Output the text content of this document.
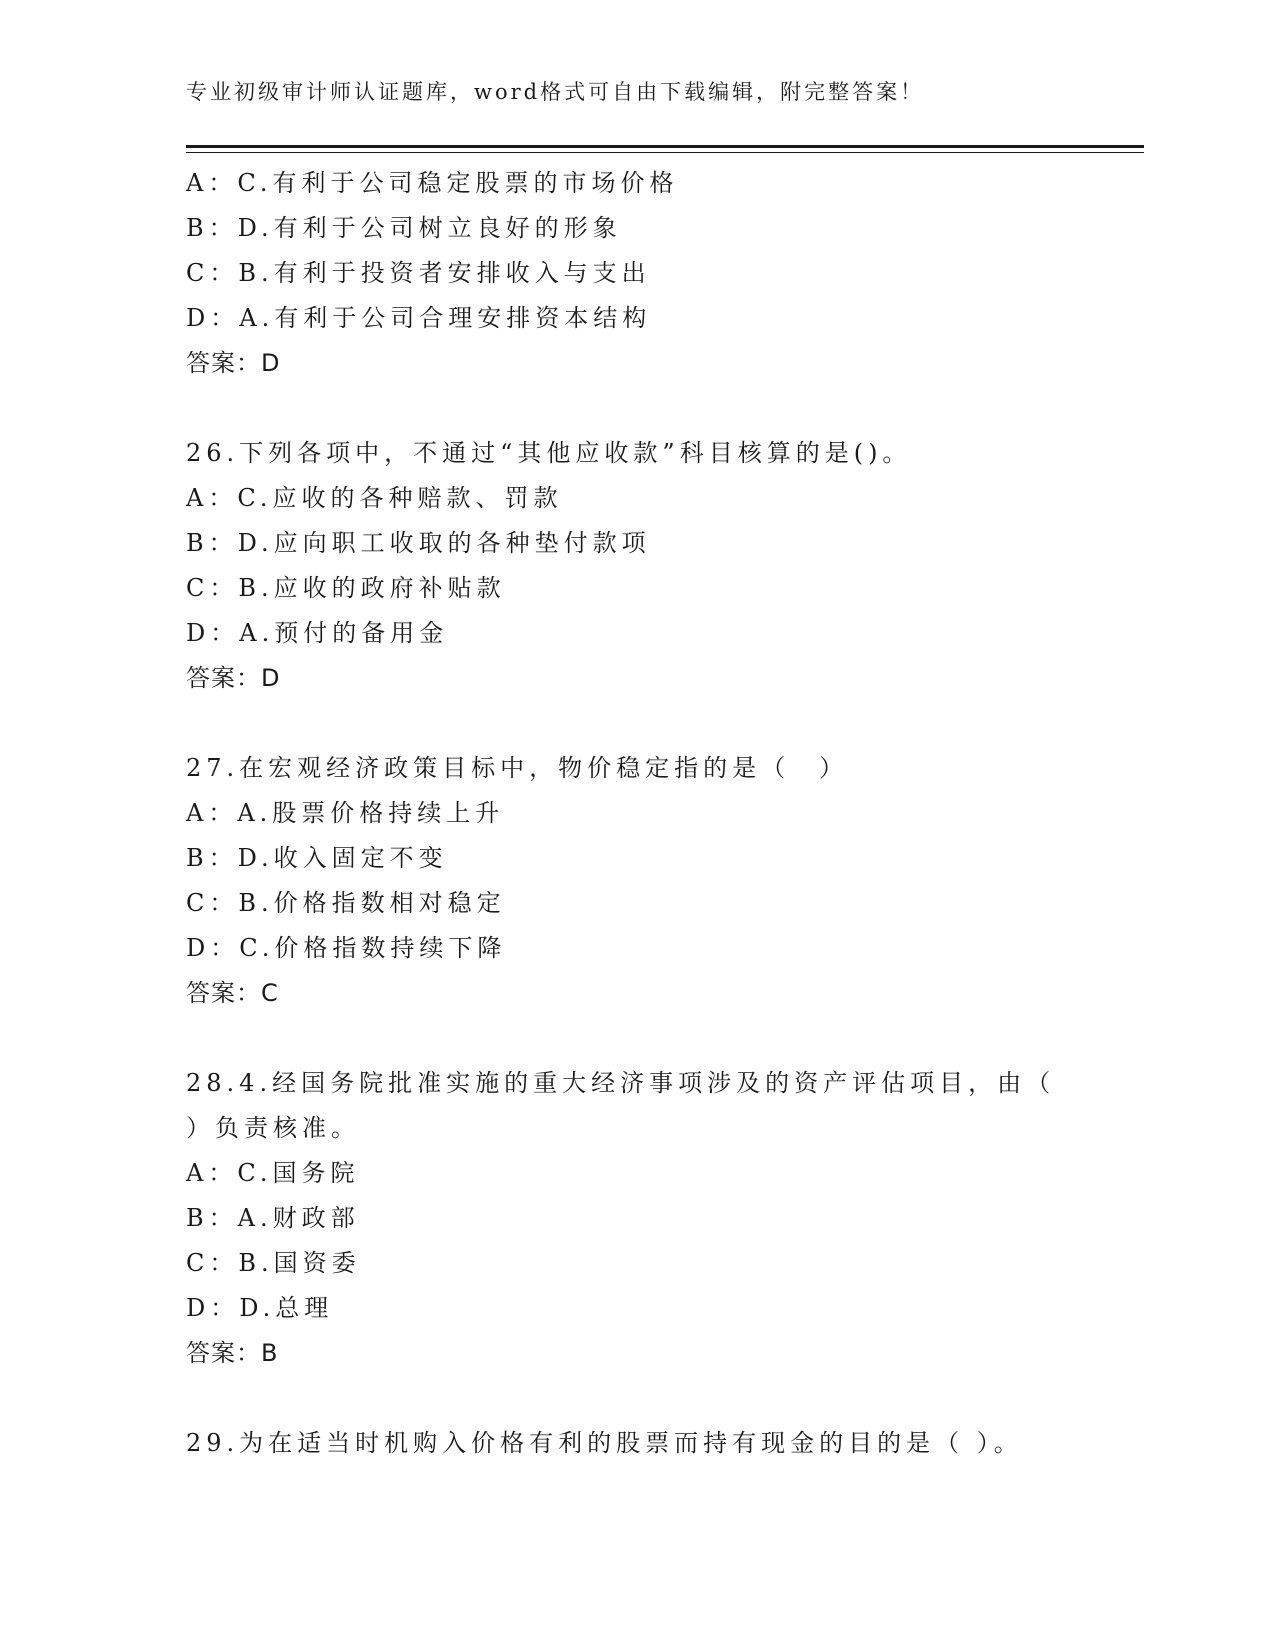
专业初级审计师认证题库，word格式可自由下载编辑，附完整答案！
A：C.有利于公司稳定股票的市场价格
B：D.有利于公司树立良好的形象
C：B.有利于投资者安排收入与支出
D：A.有利于公司合理安排资本结构
答案：D
26.下列各项中，不通过“其他应收款”科目核算的是()。
A：C.应收的各种赔款、罚款
B：D.应向职工收取的各种垫付款项
C：B.应收的政府补贴款
D：A.预付的备用金
答案：D
27.在宏观经济政策目标中，物价稳定指的是（　）
A：A.股票价格持续上升
B：D.收入固定不变
C：B.价格指数相对稳定
D：C.价格指数持续下降
答案：C
28.4.经国务院批准实施的重大经济事项涉及的资产评估项目，由（
）负责核准。
A：C.国务院
B：A.财政部
C：B.国资委
D：D.总理
答案：B
29.为在适当时机购入价格有利的股票而持有现金的目的是（ ）。
